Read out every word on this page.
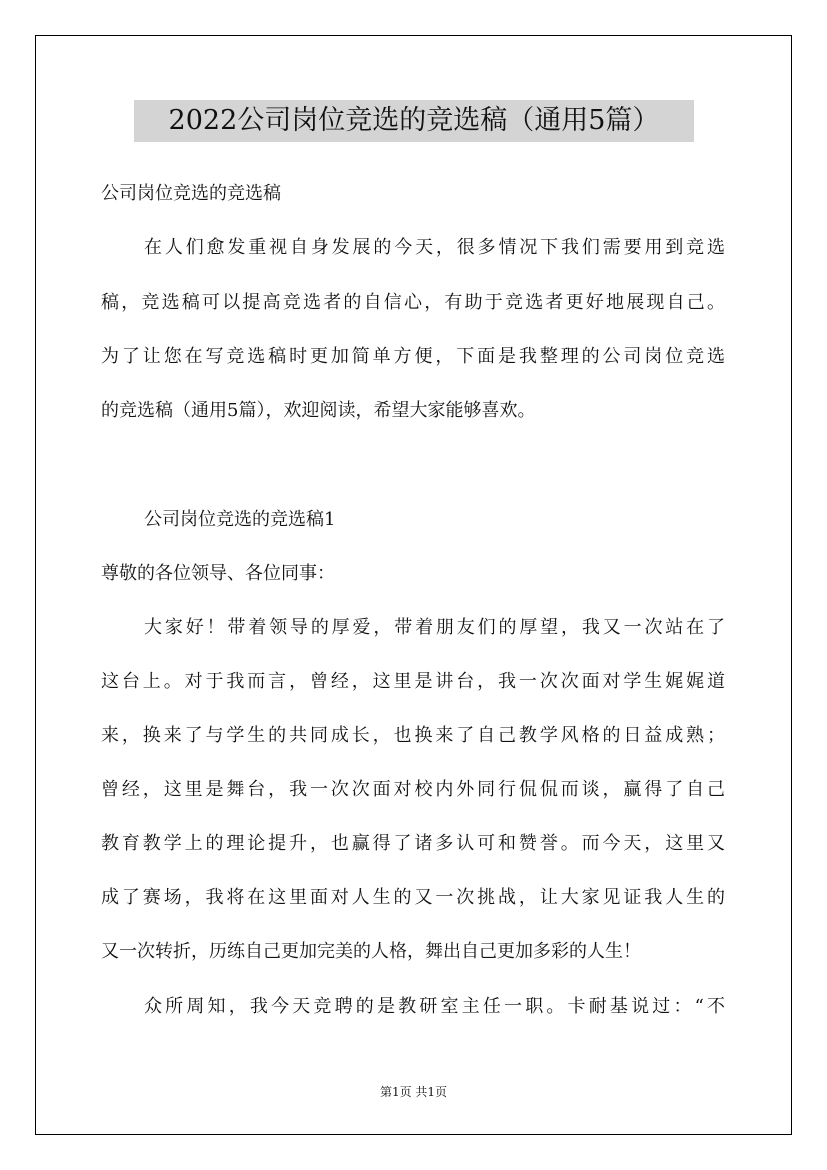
2022公司岗位竞选的竞选稿（通用5篇）
公司岗位竞选的竞选稿
在人们愈发重视自身发展的今天，很多情况下我们需要用到竞选
稿，竞选稿可以提高竞选者的自信心，有助于竞选者更好地展现自己。
为了让您在写竞选稿时更加简单方便，下面是我整理的公司岗位竞选
的竞选稿（通用5篇），欢迎阅读，希望大家能够喜欢。
公司岗位竞选的竞选稿1
尊敬的各位领导、各位同事：
大家好！带着领导的厚爱，带着朋友们的厚望，我又一次站在了
这台上。对于我而言，曾经，这里是讲台，我一次次面对学生娓娓道
来，换来了与学生的共同成长，也换来了自己教学风格的日益成熟；
曾经，这里是舞台，我一次次面对校内外同行侃侃而谈，赢得了自己
教育教学上的理论提升，也赢得了诸多认可和赞誉。而今天，这里又
成了赛场，我将在这里面对人生的又一次挑战，让大家见证我人生的
又一次转折，历练自己更加完美的人格，舞出自己更加多彩的人生！
众所周知，我今天竞聘的是教研室主任一职。卡耐基说过：“不
第1页 共1页
